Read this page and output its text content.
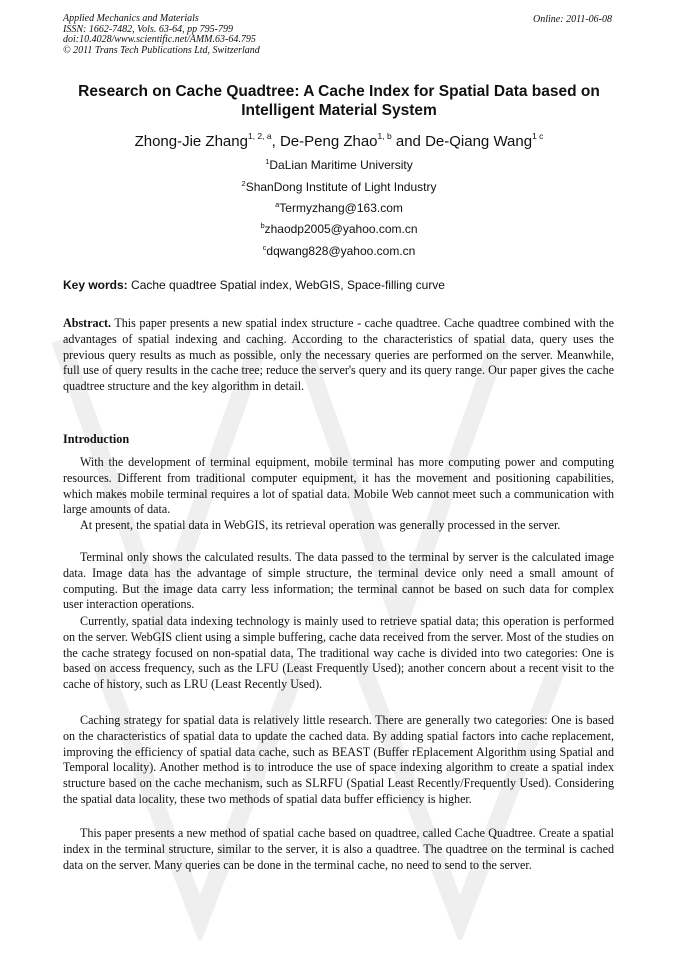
Applied Mechanics and Materials
ISSN: 1662-7482, Vols. 63-64, pp 795-799
doi:10.4028/www.scientific.net/AMM.63-64.795
© 2011 Trans Tech Publications Ltd, Switzerland
Online: 2011-06-08
Research on Cache Quadtree: A Cache Index for Spatial Data based on Intelligent Material System
Zhong-Jie Zhang$^{1, 2, a}$, De-Peng Zhao$^{1, b}$ and De-Qiang Wang$^{1 c}$
$^1$DaLian Maritime University
$^2$ShanDong Institute of Light Industry
$^a$Termyzhang@163.com
$^b$zhaodp2005@yahoo.com.cn
$^c$dqwang828@yahoo.com.cn
Key words: Cache quadtree Spatial index, WebGIS, Space-filling curve

Abstract. This paper presents a new spatial index structure - cache quadtree. Cache quadtree combined with the advantages of spatial indexing and caching. According to the characteristics of spatial data, query uses the previous query results as much as possible, only the necessary queries are performed on the server. Meanwhile, full use of query results in the cache tree; reduce the server's query and its query range. Our paper gives the cache quadtree structure and the key algorithm in detail.

Introduction

With the development of terminal equipment, mobile terminal has more computing power and computing resources. Different from traditional computer equipment, it has the movement and positioning capabilities, which makes mobile terminal requires a lot of spatial data. Mobile Web cannot meet such a communication with large amounts of data.

At present, the spatial data in WebGIS, its retrieval operation was generally processed in the server.

Terminal only shows the calculated results. The data passed to the terminal by server is the calculated image data. Image data has the advantage of simple structure, the terminal device only need a small amount of computing. But the image data carry less information; the terminal cannot be based on such data for complex user interaction operations.

Currently, spatial data indexing technology is mainly used to retrieve spatial data; this operation is performed on the server. WebGIS client using a simple buffering, cache data received from the server. Most of the studies on the cache strategy focused on non-spatial data, The traditional way cache is divided into two categories: One is based on access frequency, such as the LFU (Least Frequently Used); another concern about a recent visit to the cache of history, such as LRU (Least Recently Used).

Caching strategy for spatial data is relatively little research. There are generally two categories: One is based on the characteristics of spatial data to update the cached data. By adding spatial factors into cache replacement, improving the efficiency of spatial data cache, such as BEAST (Buffer rEplacement Algorithm using Spatial and Temporal locality). Another method is to introduce the use of space indexing algorithm to create a spatial index structure based on the cache mechanism, such as SLRFU (Spatial Least Recently/Frequently Used). Considering the spatial data locality, these two methods of spatial data buffer efficiency is higher.

This paper presents a new method of spatial cache based on quadtree, called Cache Quadtree. Create a spatial index in the terminal structure, similar to the server, it is also a quadtree. The quadtree on the terminal is cached data on the server. Many queries can be done in the terminal cache, no need to send to the server.
